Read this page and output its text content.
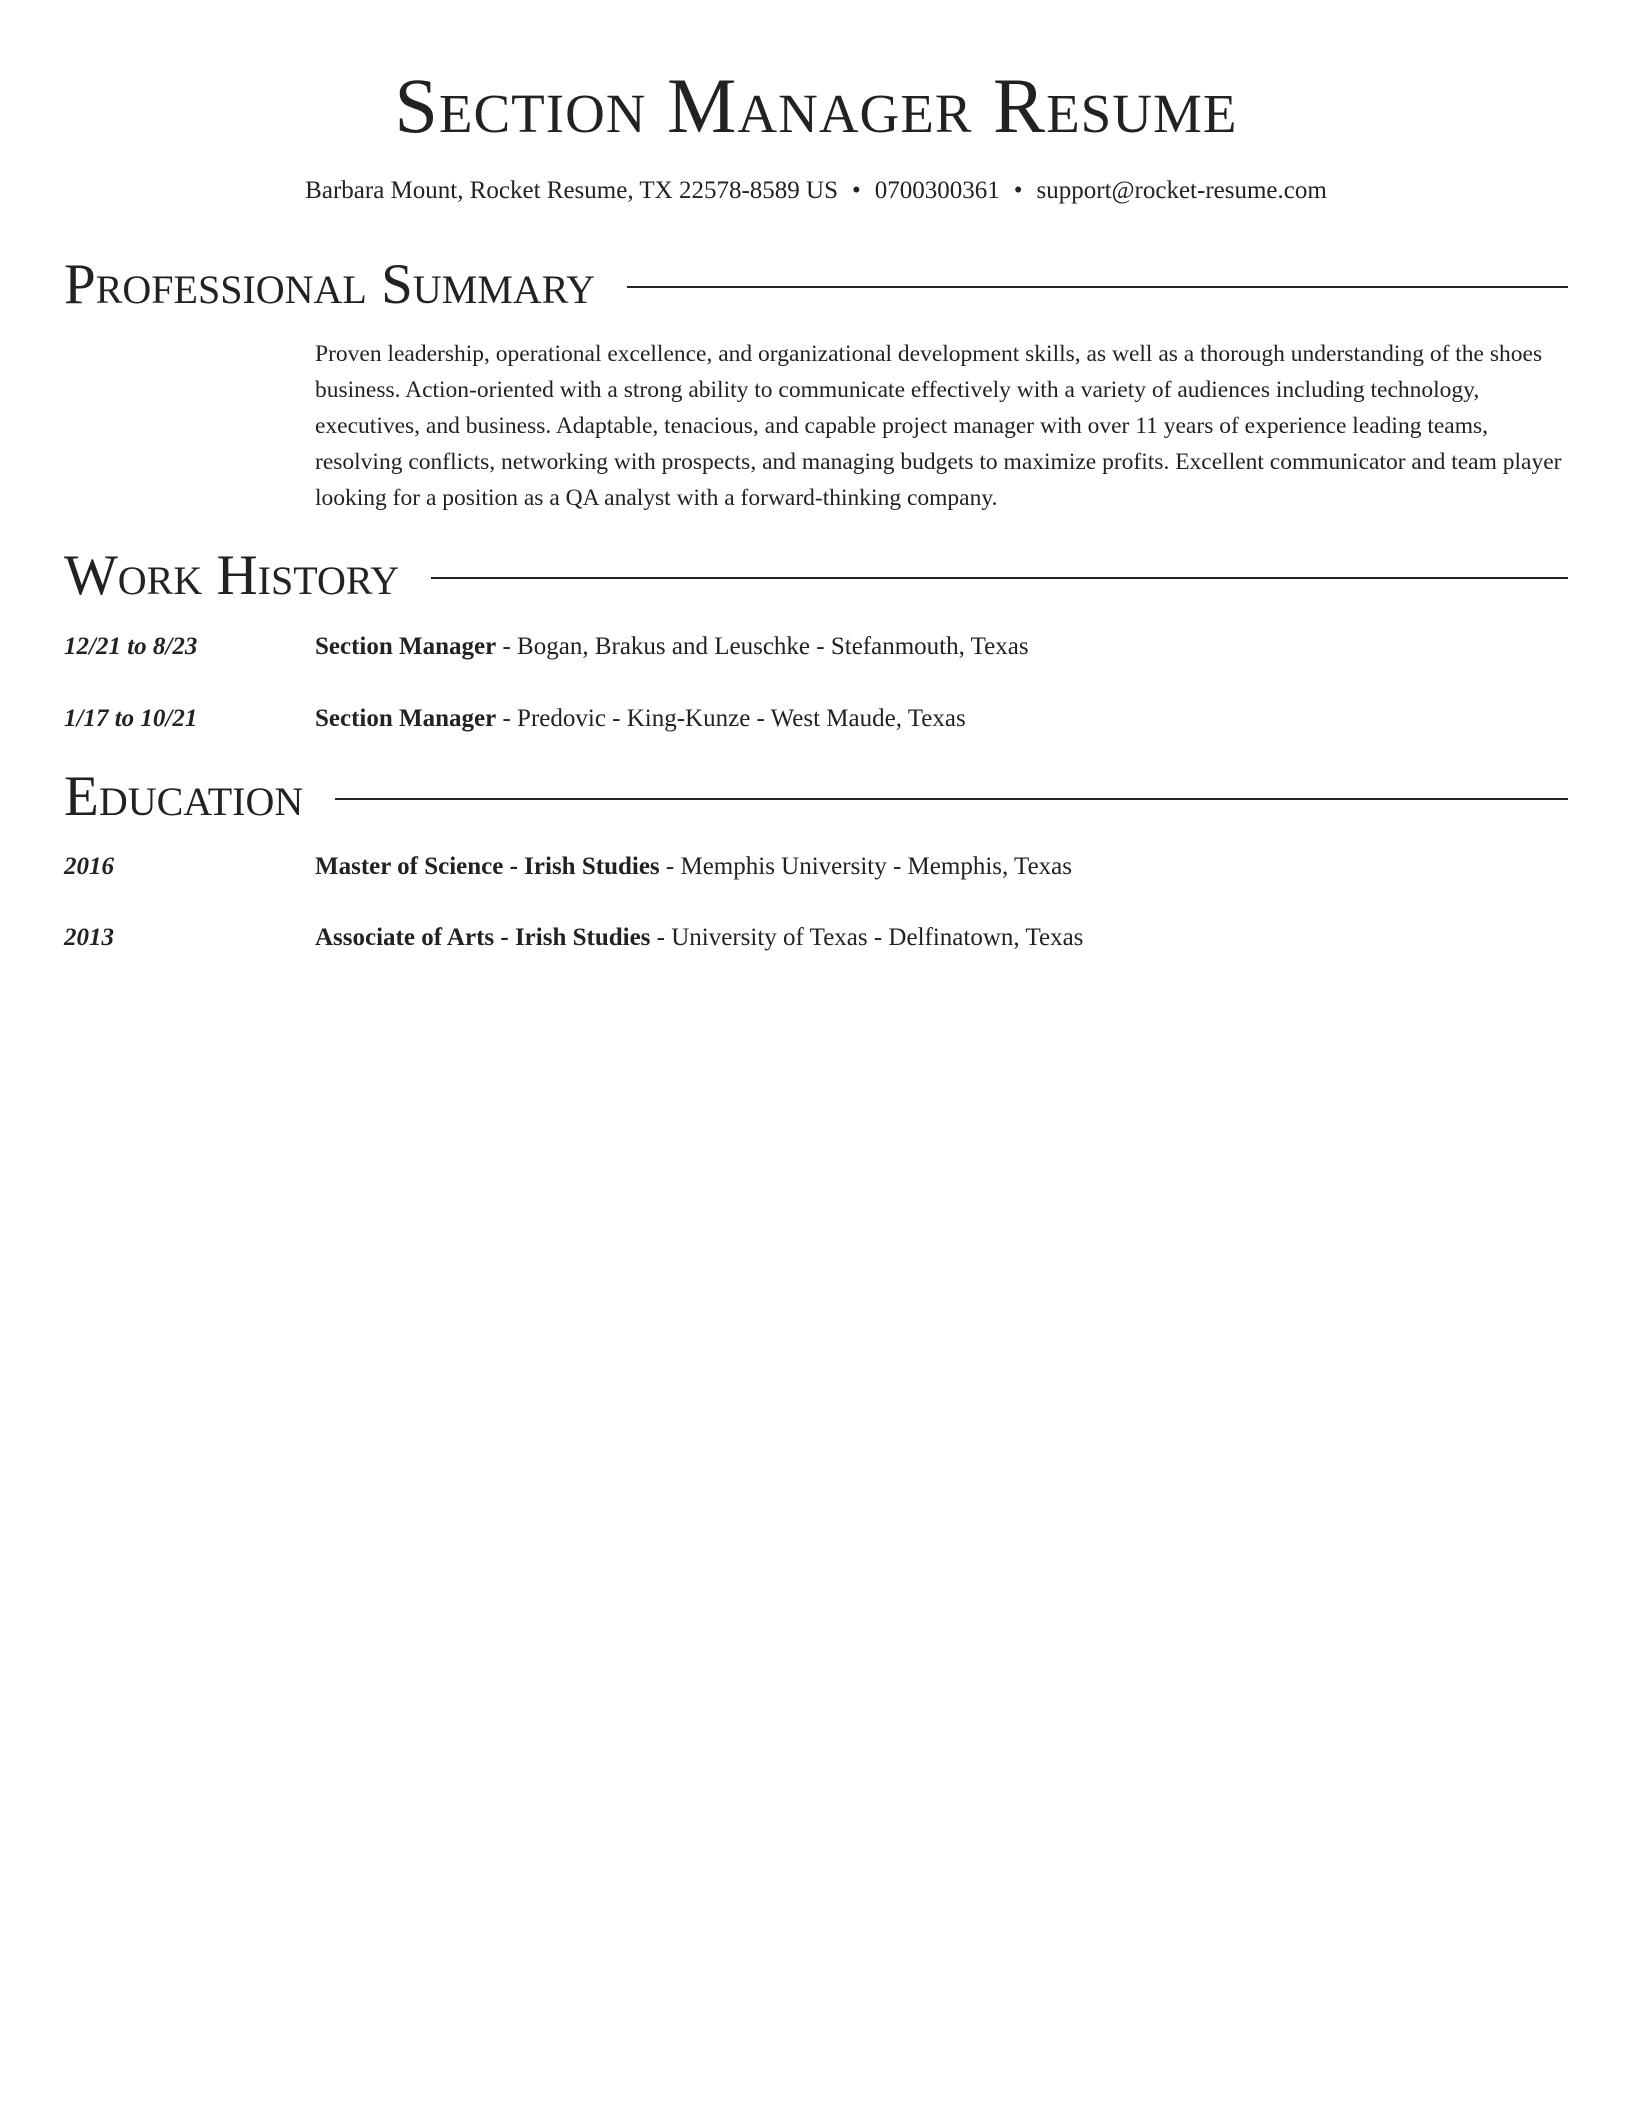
Section Manager Resume
Barbara Mount, Rocket Resume, TX 22578-8589 US • 0700300361 • support@rocket-resume.com
Professional Summary
Proven leadership, operational excellence, and organizational development skills, as well as a thorough understanding of the shoes business. Action-oriented with a strong ability to communicate effectively with a variety of audiences including technology, executives, and business. Adaptable, tenacious, and capable project manager with over 11 years of experience leading teams, resolving conflicts, networking with prospects, and managing budgets to maximize profits. Excellent communicator and team player looking for a position as a QA analyst with a forward-thinking company.
Work History
12/21 to 8/23	Section Manager - Bogan, Brakus and Leuschke - Stefanmouth, Texas
1/17 to 10/21	Section Manager - Predovic - King-Kunze - West Maude, Texas
Education
2016	Master of Science - Irish Studies - Memphis University - Memphis, Texas
2013	Associate of Arts - Irish Studies - University of Texas - Delfinatown, Texas
